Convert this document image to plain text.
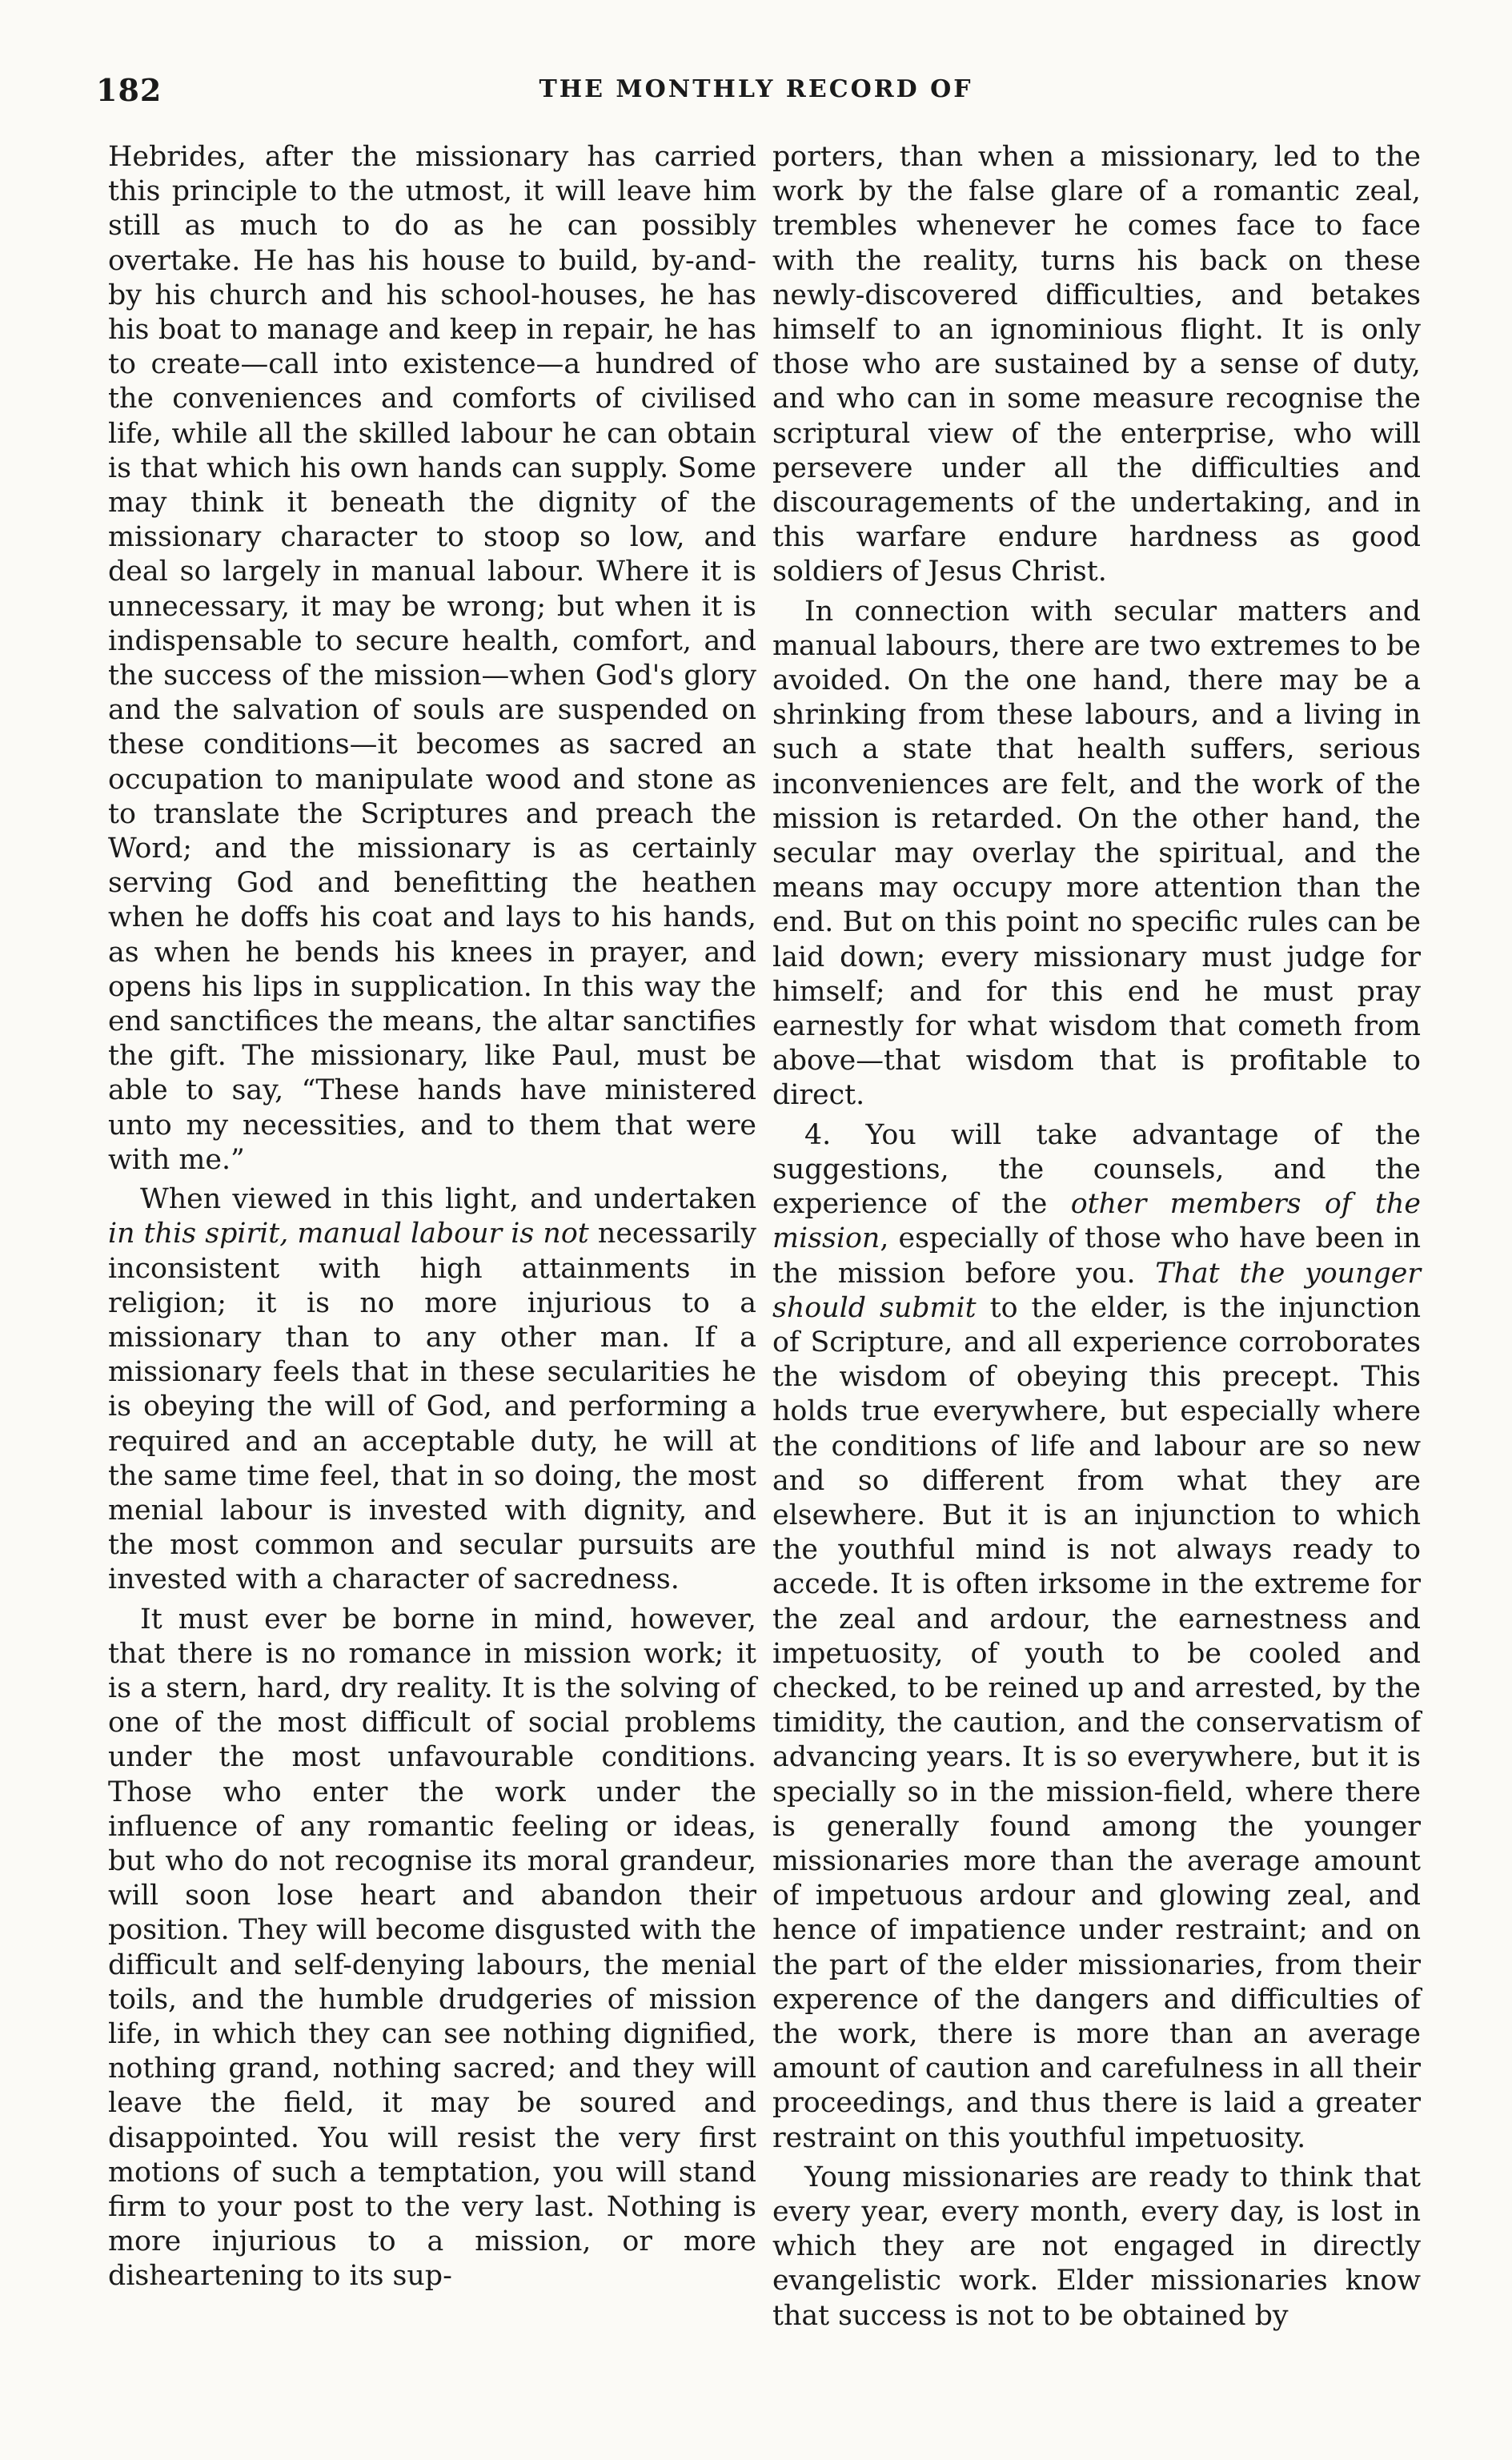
182	THE MONTHLY RECORD OF

Hebrides, after the missionary has carried this principle to the utmost, it will leave him still as much to do as he can possibly overtake. He has his house to build, by-and-by his church and his school-houses, he has his boat to manage and keep in repair, he has to create—call into existence—a hundred of the conveniences and comforts of civilised life, while all the skilled labour he can obtain is that which his own hands can supply. Some may think it beneath the dignity of the missionary character to stoop so low, and deal so largely in manual labour. Where it is unnecessary, it may be wrong; but when it is indispensable to secure health, comfort, and the success of the mission—when God's glory and the salvation of souls are suspended on these conditions—it becomes as sacred an occupation to manipulate wood and stone as to translate the Scriptures and preach the Word; and the missionary is as certainly serving God and benefitting the heathen when he doffs his coat and lays to his hands, as when he bends his knees in prayer, and opens his lips in supplication. In this way the end sanctifices the means, the altar sanctifies the gift. The missionary, like Paul, must be able to say, “These hands have ministered unto my necessities, and to them that were with me.”

When viewed in this light, and undertaken in this spirit, manual labour is not necessarily inconsistent with high attainments in religion; it is no more injurious to a missionary than to any other man. If a missionary feels that in these secularities he is obeying the will of God, and performing a required and an acceptable duty, he will at the same time feel, that in so doing, the most menial labour is invested with dignity, and the most common and secular pursuits are invested with a character of sacredness.

It must ever be borne in mind, however, that there is no romance in mission work; it is a stern, hard, dry reality. It is the solving of one of the most difficult of social problems under the most unfavourable conditions. Those who enter the work under the influence of any romantic feeling or ideas, but who do not recognise its moral grandeur, will soon lose heart and abandon their position. They will become disgusted with the difficult and self-denying labours, the menial toils, and the humble drudgeries of mission life, in which they can see nothing dignified, nothing grand, nothing sacred; and they will leave the field, it may be soured and disappointed. You will resist the very first motions of such a temptation, you will stand firm to your post to the very last. Nothing is more injurious to a mission, or more disheartening to its sup-

porters, than when a missionary, led to the work by the false glare of a romantic zeal, trembles whenever he comes face to face with the reality, turns his back on these newly-discovered difficulties, and betakes himself to an ignominious flight. It is only those who are sustained by a sense of duty, and who can in some measure recognise the scriptural view of the enterprise, who will persevere under all the difficulties and discouragements of the undertaking, and in this warfare endure hardness as good soldiers of Jesus Christ.

In connection with secular matters and manual labours, there are two extremes to be avoided. On the one hand, there may be a shrinking from these labours, and a living in such a state that health suffers, serious inconveniences are felt, and the work of the mission is retarded. On the other hand, the secular may overlay the spiritual, and the means may occupy more attention than the end. But on this point no specific rules can be laid down; every missionary must judge for himself; and for this end he must pray earnestly for what wisdom that cometh from above—that wisdom that is profitable to direct.

4. You will take advantage of the suggestions, the counsels, and the experience of the other members of the mission, especially of those who have been in the mission before you. That the younger should submit to the elder, is the injunction of Scripture, and all experience corroborates the wisdom of obeying this precept. This holds true everywhere, but especially where the conditions of life and labour are so new and so different from what they are elsewhere. But it is an injunction to which the youthful mind is not always ready to accede. It is often irksome in the extreme for the zeal and ardour, the earnestness and impetuosity, of youth to be cooled and checked, to be reined up and arrested, by the timidity, the caution, and the conservatism of advancing years. It is so everywhere, but it is specially so in the mission-field, where there is generally found among the younger missionaries more than the average amount of impetuous ardour and glowing zeal, and hence of impatience under restraint; and on the part of the elder missionaries, from their experence of the dangers and difficulties of the work, there is more than an average amount of caution and carefulness in all their proceedings, and thus there is laid a greater restraint on this youthful impetuosity.

Young missionaries are ready to think that every year, every month, every day, is lost in which they are not engaged in directly evangelistic work. Elder missionaries know that success is not to be obtained by
